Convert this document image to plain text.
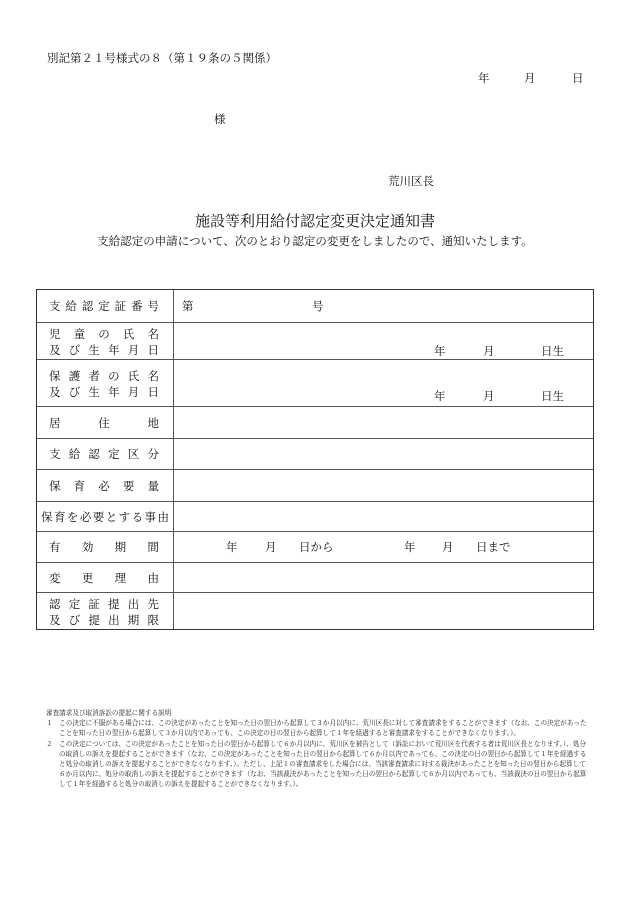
別記第２１号様式の８（第１９条の５関係）
年	月	日
様
荒川区長
施設等利用給付認定変更決定通知書
支給認定の申請について、次のとおり認定の変更をしましたので、通知いたします。
支給認定証番号 第	号
児童の氏名
及び生年月日	年	月	日生
保護者の氏名
及び生年月日	年	月	日生
居住地
支給認定区分
保育必要量
保育を必要とする事由
有効期間	年 月 日から	年 月 日まで
変更理由
認定証提出先
及び提出期限

審査請求及び取消訴訟の提起に関する説明

１　この決定に不服がある場合には、この決定があったことを知った日の翌日から起算して３か月以内に、荒川区長に対して審査請求をすることができます（なお、この決定があったことを知った日の翌日から起算して３か月以内であっても、この決定の日の翌日から起算して１年を経過すると審査請求をすることができなくなります。）。

２　この決定については、この決定があったことを知った日の翌日から起算して６か月以内に、荒川区を被告として（訴訟において荒川区を代表する者は荒川区長となります。）、処分の取消しの訴えを提起することができます（なお、この決定があったことを知った日の翌日から起算して６か月以内であっても、この決定の日の翌日から起算して１年を経過すると処分の取消しの訴えを提起することができなくなります。）。ただし、上記１の審査請求をした場合には、当該審査請求に対する裁決があったことを知った日の翌日から起算して６か月以内に、処分の取消しの訴えを提起することができます（なお、当該裁決があったことを知った日の翌日から起算して６か月以内であっても、当該裁決の日の翌日から起算して１年を経過すると処分の取消しの訴えを提起することができなくなります。）。
